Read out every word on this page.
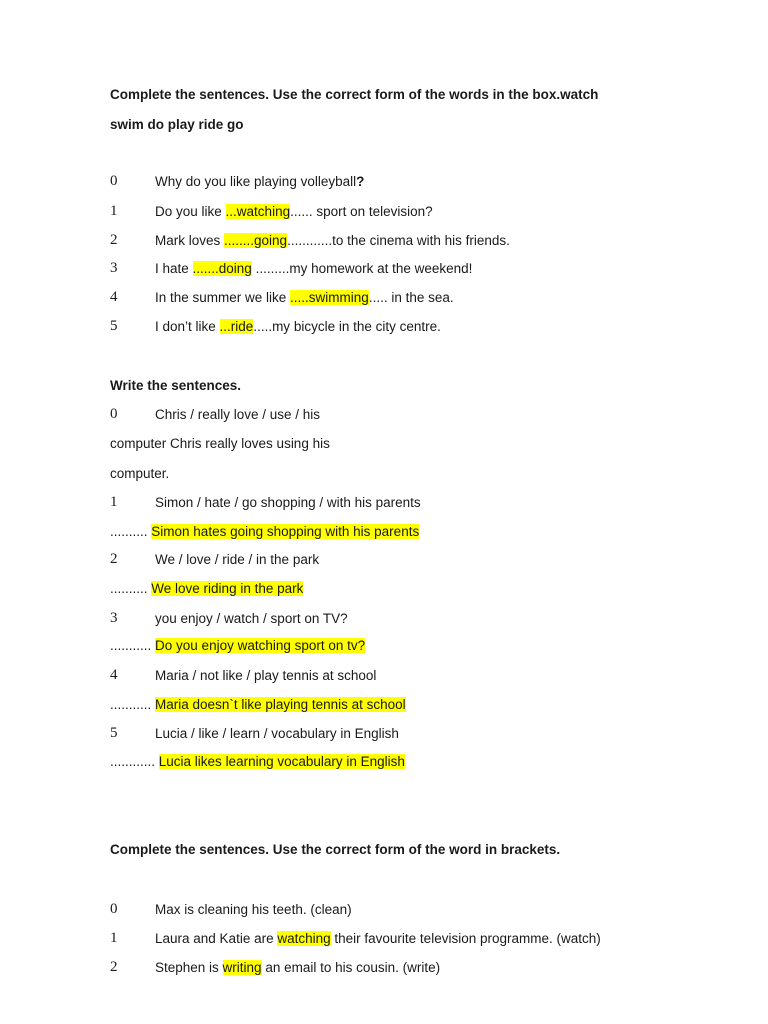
Complete the sentences. Use the correct form of the words in the box.watch
swim do play ride go
0	Why do you like playing volleyball?
1	Do you like ...watching...... sport on television?
2	Mark loves ........going............to the cinema with his friends.
3	I hate .......doing .........my homework at the weekend!
4	In the summer we like .....swimming..... in the sea.
5	I don’t like ...ride.....my bicycle in the city centre.
Write the sentences.
0	Chris / really love / use / his
computer Chris really loves using his
computer.
1	Simon / hate / go shopping / with his parents
.......... Simon hates going shopping with his parents
2	We / love / ride / in the park
.......... We love riding in the park
3	you enjoy / watch / sport on TV?
........... Do you enjoy watching sport on tv?
4	Maria / not like / play tennis at school
........... Maria doesn`t like playing tennis at school
5	Lucia / like / learn / vocabulary in English
............ Lucia likes learning vocabulary in English
Complete the sentences. Use the correct form of the word in brackets.
0	Max is cleaning his teeth. (clean)
1	Laura and Katie are watching their favourite television programme. (watch)
2	Stephen is writing an email to his cousin. (write)
